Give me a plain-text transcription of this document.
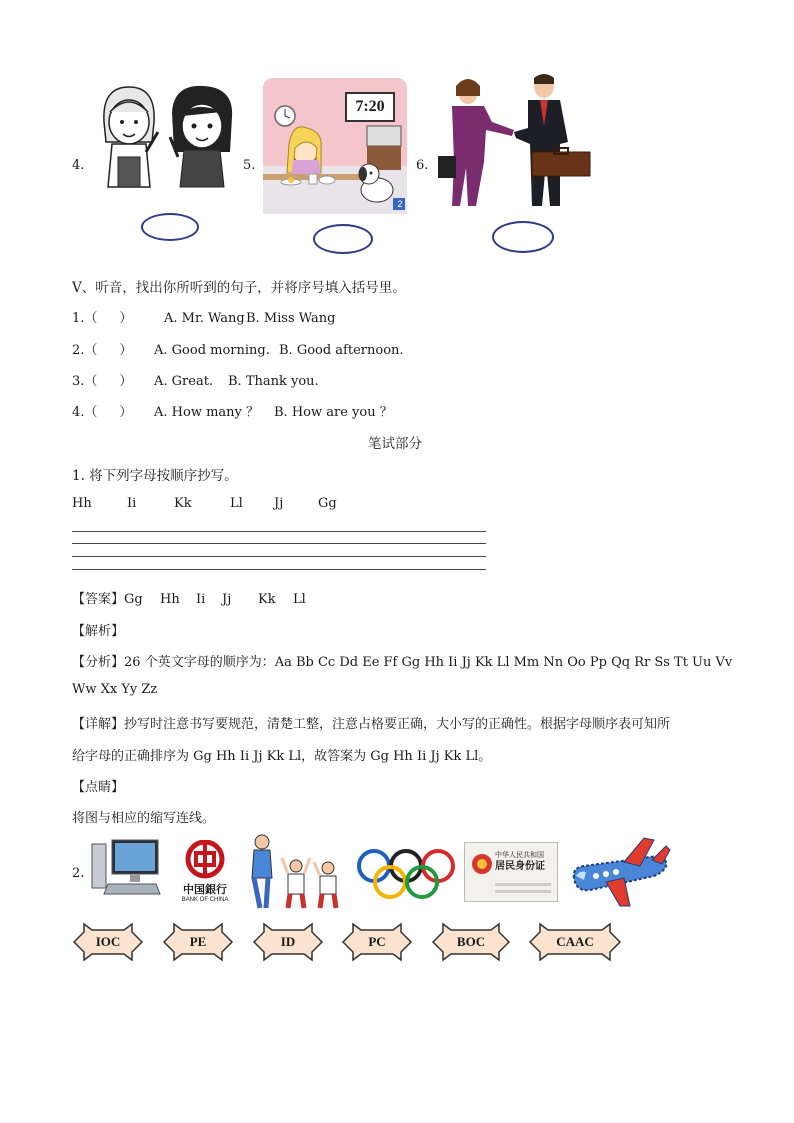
4.	5.
7:20
2
6.
V、听音，找出你所听到的句子，并将序号填入括号里。
1.（ ） A. Mr. WangB. Miss Wang
2.（ ） A. Good morning. B. Good afternoon.
3.（ ） A. Great. B. Thank you.
4.（ ） A. How many ？ B. How are you ？
笔试部分
1. 将下列字母按顺序抄写。
Hh	Ii	Kk	Ll Jj	Gg
【答案】Gg Hh Ii Jj Kk Ll
【解析】
【分析】26 个英文字母的顺序为：Aa Bb Cc Dd Ee Ff Gg Hh Ii Jj Kk Ll Mm Nn Oo Pp Qq Rr Ss Tt Uu Vv
Ww Xx Yy Zz
【详解】抄写时注意书写要规范，清楚工整，注意占格要正确，大小写的正确性。根据字母顺序表可知所
给字母的正确排序为 Gg Hh Ii Jj Kk Ll，故答案为 Gg Hh Ii Jj Kk Ll。
【点睛】
将图与相应的缩写连线。
2.
中国銀行
BANK OF CHINA
中华人民共和国
居民身份证
IOC	PE	ID	PC	BOC	CAAC
